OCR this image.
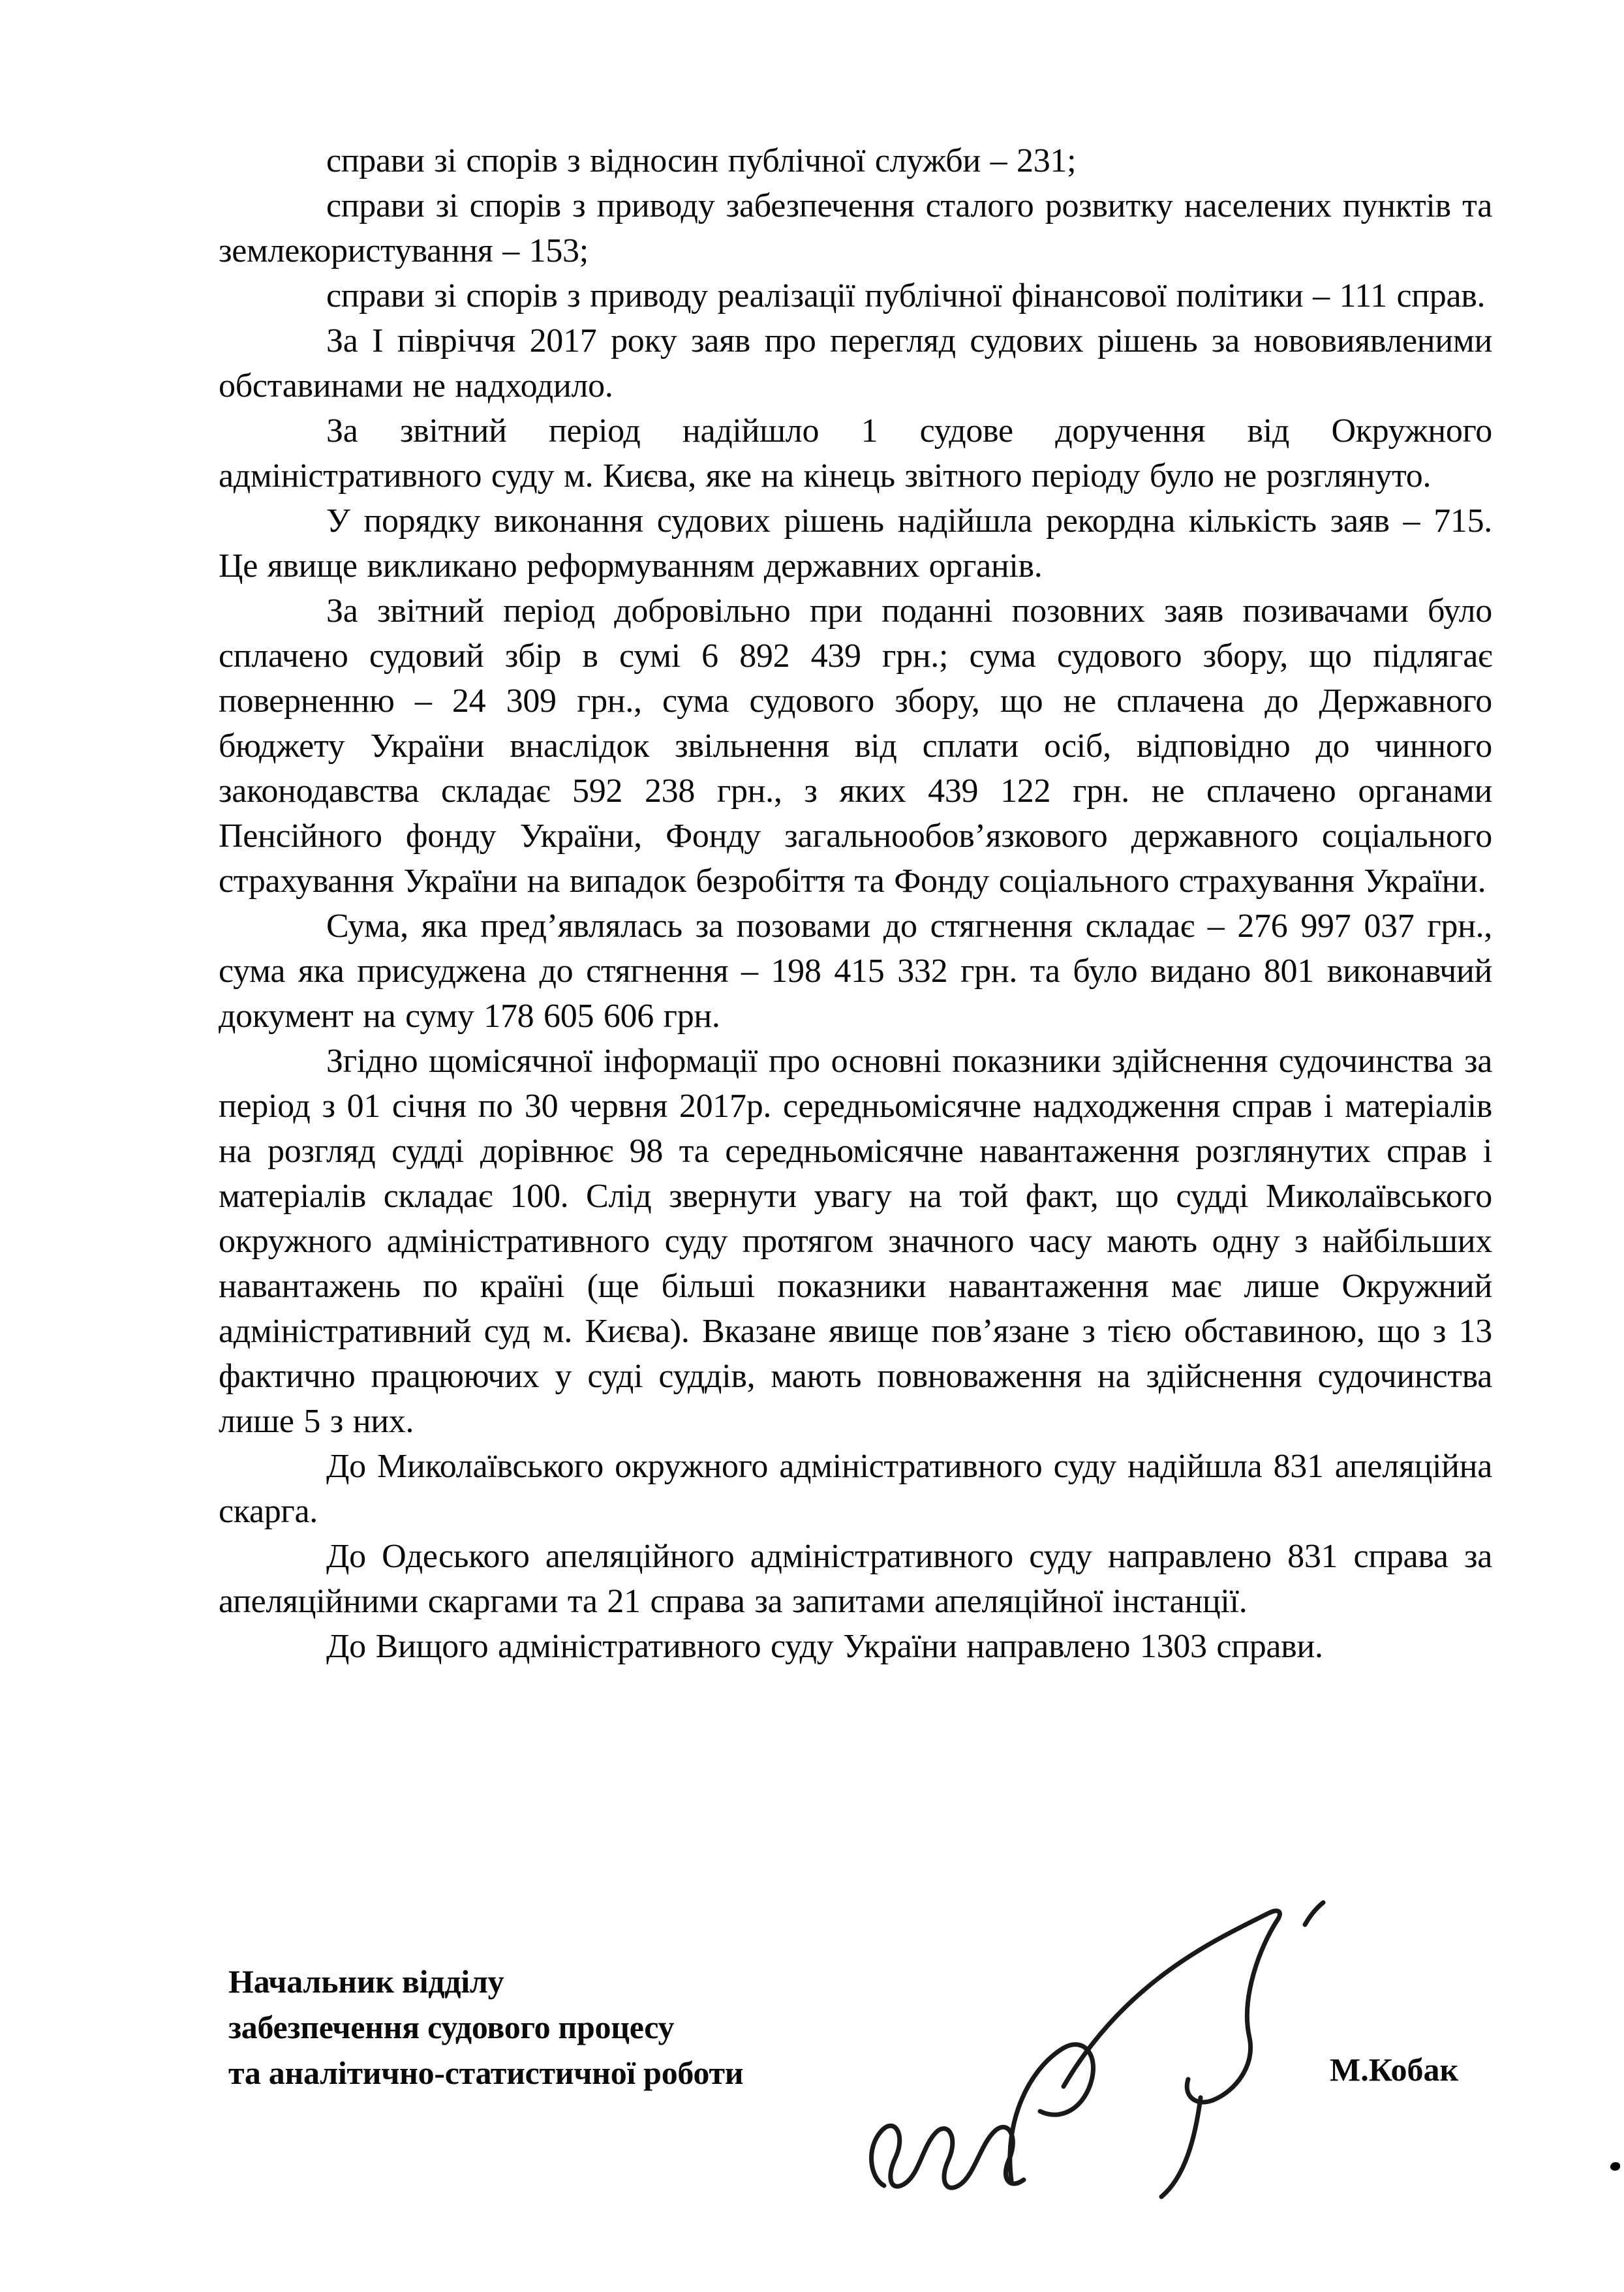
справи зі спорів з відносин публічної служби – 231;

справи зі спорів з приводу забезпечення сталого розвитку населених пунктів та землекористування – 153;

справи зі спорів з приводу реалізації публічної фінансової політики – 111 справ.

За І півріччя 2017 року заяв про перегляд судових рішень за нововиявленими обставинами не надходило.

За звітний період надійшло 1 судове доручення від Окружного адміністративного суду м. Києва, яке на кінець звітного періоду було не розглянуто.

У порядку виконання судових рішень надійшла рекордна кількість заяв – 715. Це явище викликано реформуванням державних органів.

За звітний період добровільно при поданні позовних заяв позивачами було сплачено судовий збір в сумі 6 892 439 грн.; сума судового збору, що підлягає поверненню – 24 309 грн., сума судового збору, що не сплачена до Державного бюджету України внаслідок звільнення від сплати осіб, відповідно до чинного законодавства складає 592 238 грн., з яких 439 122 грн. не сплачено органами Пенсійного фонду України, Фонду загальнообов’язкового державного соціального страхування України на випадок безробіття та Фонду соціального страхування України.

Сума, яка пред’являлась за позовами до стягнення складає – 276 997 037 грн., сума яка присуджена до стягнення – 198 415 332 грн. та було видано 801 виконавчий документ на суму 178 605 606 грн.

Згідно щомісячної інформації про основні показники здійснення судочинства за період з 01 січня по 30 червня 2017р. середньомісячне надходження справ і матеріалів на розгляд судді дорівнює 98 та середньомісячне навантаження розглянутих справ і матеріалів складає 100. Слід звернути увагу на той факт, що судді Миколаївського окружного адміністративного суду протягом значного часу мають одну з найбільших навантажень по країні (ще більші показники навантаження має лише Окружний адміністративний суд м. Києва). Вказане явище пов’язане з тією обставиною, що з 13 фактично працюючих у суді суддів, мають повноваження на здійснення судочинства лише 5 з них.

До Миколаївського окружного адміністративного суду надійшла 831 апеляційна скарга.

До Одеського апеляційного адміністративного суду направлено 831 справа за апеляційними скаргами та 21 справа за запитами апеляційної інстанції.

До Вищого адміністративного суду України направлено 1303 справи.

Начальник відділу
забезпечення судового процесу
та аналітично-статистичної роботи	М.Кобак
